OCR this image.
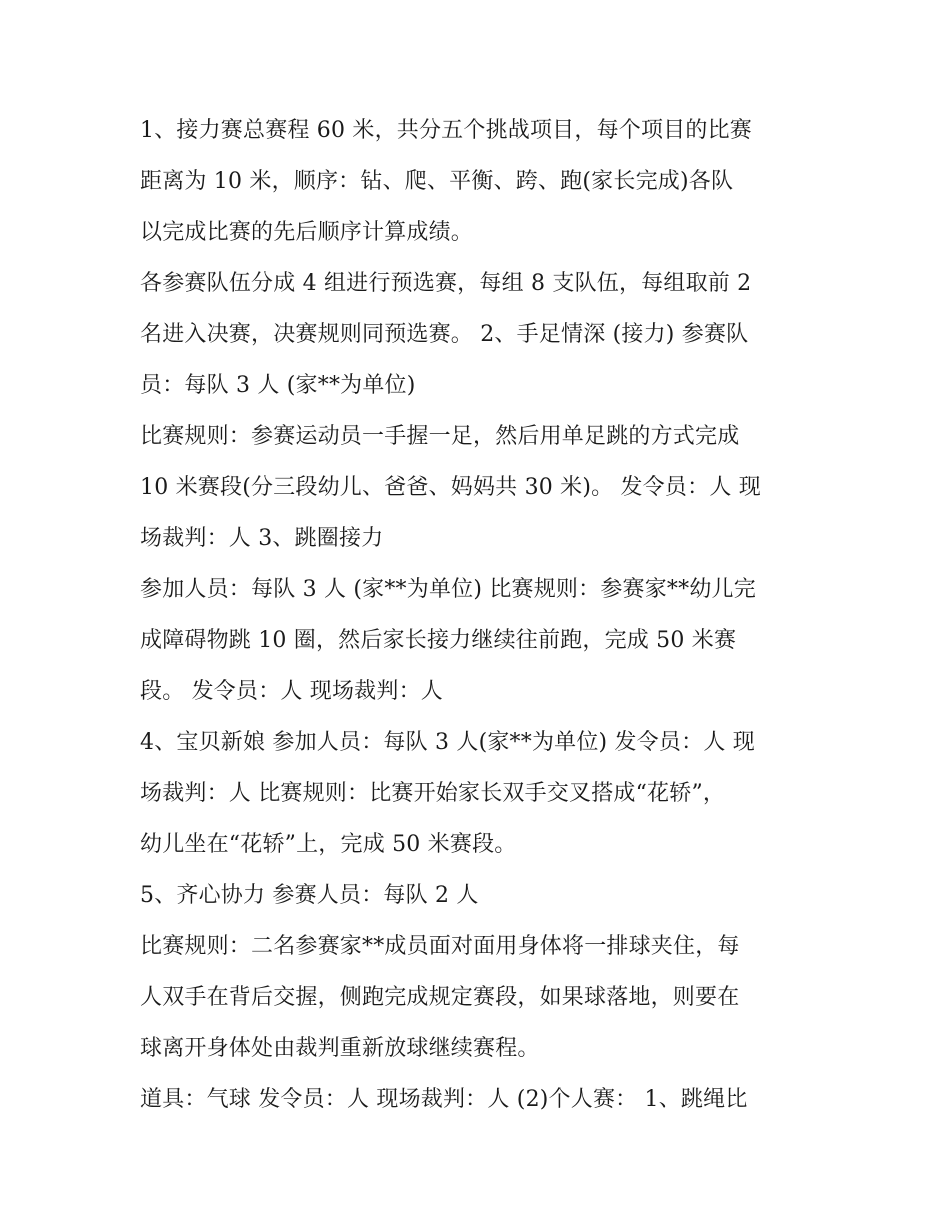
1、接力赛总赛程 60 米，共分五个挑战项目，每个项目的比赛
距离为 10 米，顺序：钻、爬、平衡、跨、跑(家长完成)各队
以完成比赛的先后顺序计算成绩。
各参赛队伍分成 4 组进行预选赛，每组 8 支队伍，每组取前 2
名进入决赛，决赛规则同预选赛。 2、手足情深 (接力) 参赛队
员：每队 3 人 (家**为单位)
比赛规则：参赛运动员一手握一足，然后用单足跳的方式完成
10 米赛段(分三段幼儿、爸爸、妈妈共 30 米)。 发令员：人 现
场裁判：人 3、跳圈接力
参加人员：每队 3 人 (家**为单位) 比赛规则：参赛家**幼儿完
成障碍物跳 10 圈，然后家长接力继续往前跑，完成 50 米赛
段。 发令员：人 现场裁判：人
4、宝贝新娘 参加人员：每队 3 人(家**为单位) 发令员：人 现
场裁判：人 比赛规则：比赛开始家长双手交叉搭成“花轿”，
幼儿坐在“花轿”上，完成 50 米赛段。
5、齐心协力 参赛人员：每队 2 人
比赛规则：二名参赛家**成员面对面用身体将一排球夹住，每
人双手在背后交握，侧跑完成规定赛段，如果球落地，则要在
球离开身体处由裁判重新放球继续赛程。
道具：气球 发令员：人 现场裁判：人 (2)个人赛： 1、跳绳比
